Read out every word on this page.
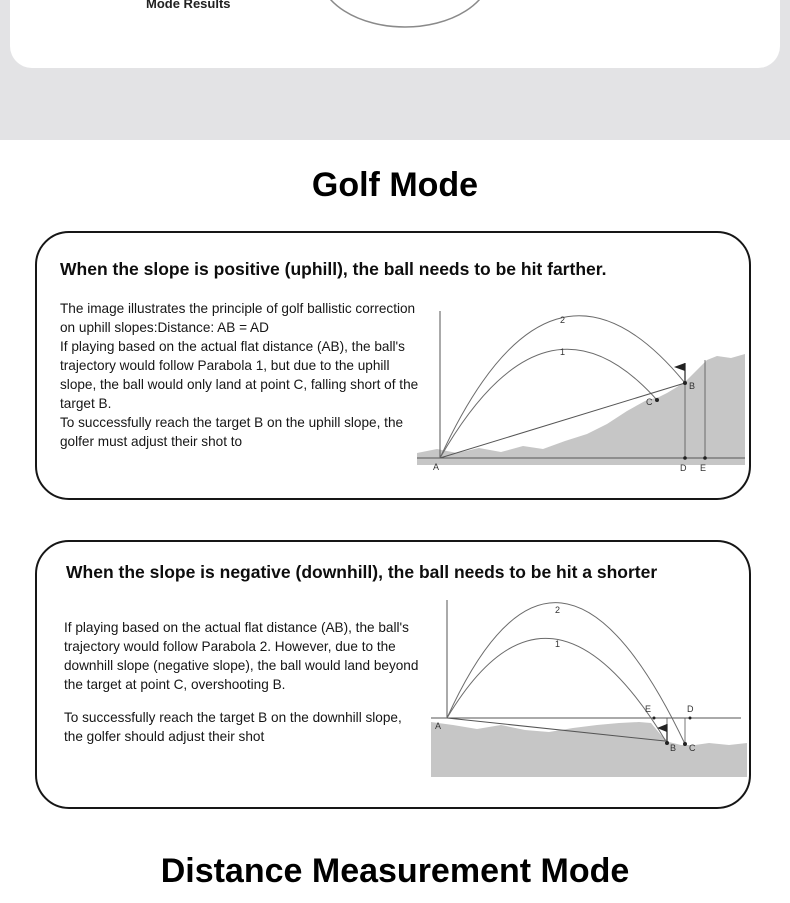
Mode Results
Golf Mode
When the slope is positive (uphill), the ball needs to be hit farther.

The image illustrates the principle of golf ballistic correction on uphill slopes:Distance: AB = AD

If playing based on the actual flat distance (AB), the ball's trajectory would follow Parabola 1, but due to the uphill slope, the ball would only land at point C, falling short of the target B.

To successfully reach the target B on the uphill slope, the golfer must adjust their shot to

2
1
A
B
C
D E
When the slope is negative (downhill), the ball needs to be hit a shorter

If playing based on the actual flat distance (AB), the ball's trajectory would follow Parabola 2. However, due to the downhill slope (negative slope), the ball would land beyond the target at point C, overshooting B.

To successfully reach the target B on the downhill slope, the golfer should adjust their shot

2
1
A
E	D
B C
Distance Measurement Mode
